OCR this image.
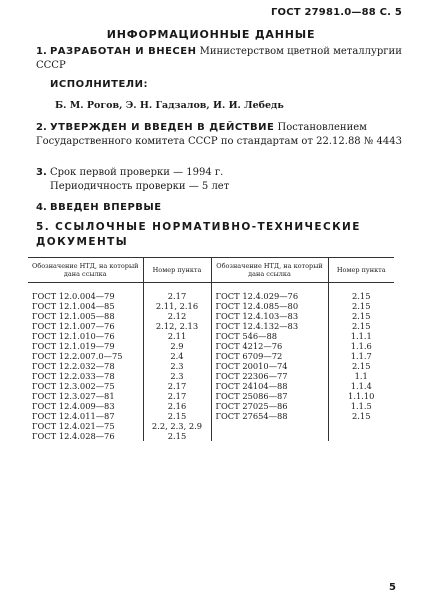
ГОСТ 27981.0—88 С. 5
ИНФОРМАЦИОННЫЕ ДАННЫЕ
1. РАЗРАБОТАН И ВНЕСЕН Министерством цветной металлургии СССР
ИСПОЛНИТЕЛИ:
Б. М. Рогов, Э. Н. Гадзалов, И. И. Лебедь
2. УТВЕРЖДЕН И ВВЕДЕН В ДЕЙСТВИЕ Постановлением Государственного комитета СССР по стандартам от 22.12.88 № 4443
3. Срок первой проверки — 1994 г.
Периодичность проверки — 5 лет
4. ВВЕДЕН ВПЕРВЫЕ
5. ССЫЛОЧНЫЕ НОРМАТИВНО-ТЕХНИЧЕСКИЕ ДОКУМЕНТЫ
Обозначение НТД, на который дана ссылка	Номер пункта	Обозначение НТД, на который дана ссылка	Номер пункта
ГОСТ 12.0.004—79	2.17	ГОСТ 12.4.029—76	2.15
ГОСТ 12.1.004—85	2.11, 2.16	ГОСТ 12.4.085—80	2.15
ГОСТ 12.1.005—88	2.12	ГОСТ 12.4.103—83	2.15
ГОСТ 12.1.007—76	2.12, 2.13	ГОСТ 12.4.132—83	2.15
ГОСТ 12.1.010—76	2.11	ГОСТ 546—88	1.1.1
ГОСТ 12.1.019—79	2.9	ГОСТ 4212—76	1.1.6
ГОСТ 12.2.007.0—75	2.4	ГОСТ 6709—72	1.1.7
ГОСТ 12.2.032—78	2.3	ГОСТ 20010—74	2.15
ГОСТ 12.2.033—78	2.3	ГОСТ 22306—77	1.1
ГОСТ 12.3.002—75	2.17	ГОСТ 24104—88	1.1.4
ГОСТ 12.3.027—81	2.17	ГОСТ 25086—87	1.1.10
ГОСТ 12.4.009—83	2.16	ГОСТ 27025—86	1.1.5
ГОСТ 12.4.011—87	2.15	ГОСТ 27654—88	2.15
ГОСТ 12.4.021—75	2.2, 2.3, 2.9		
ГОСТ 12.4.028—76	2.15		
5
